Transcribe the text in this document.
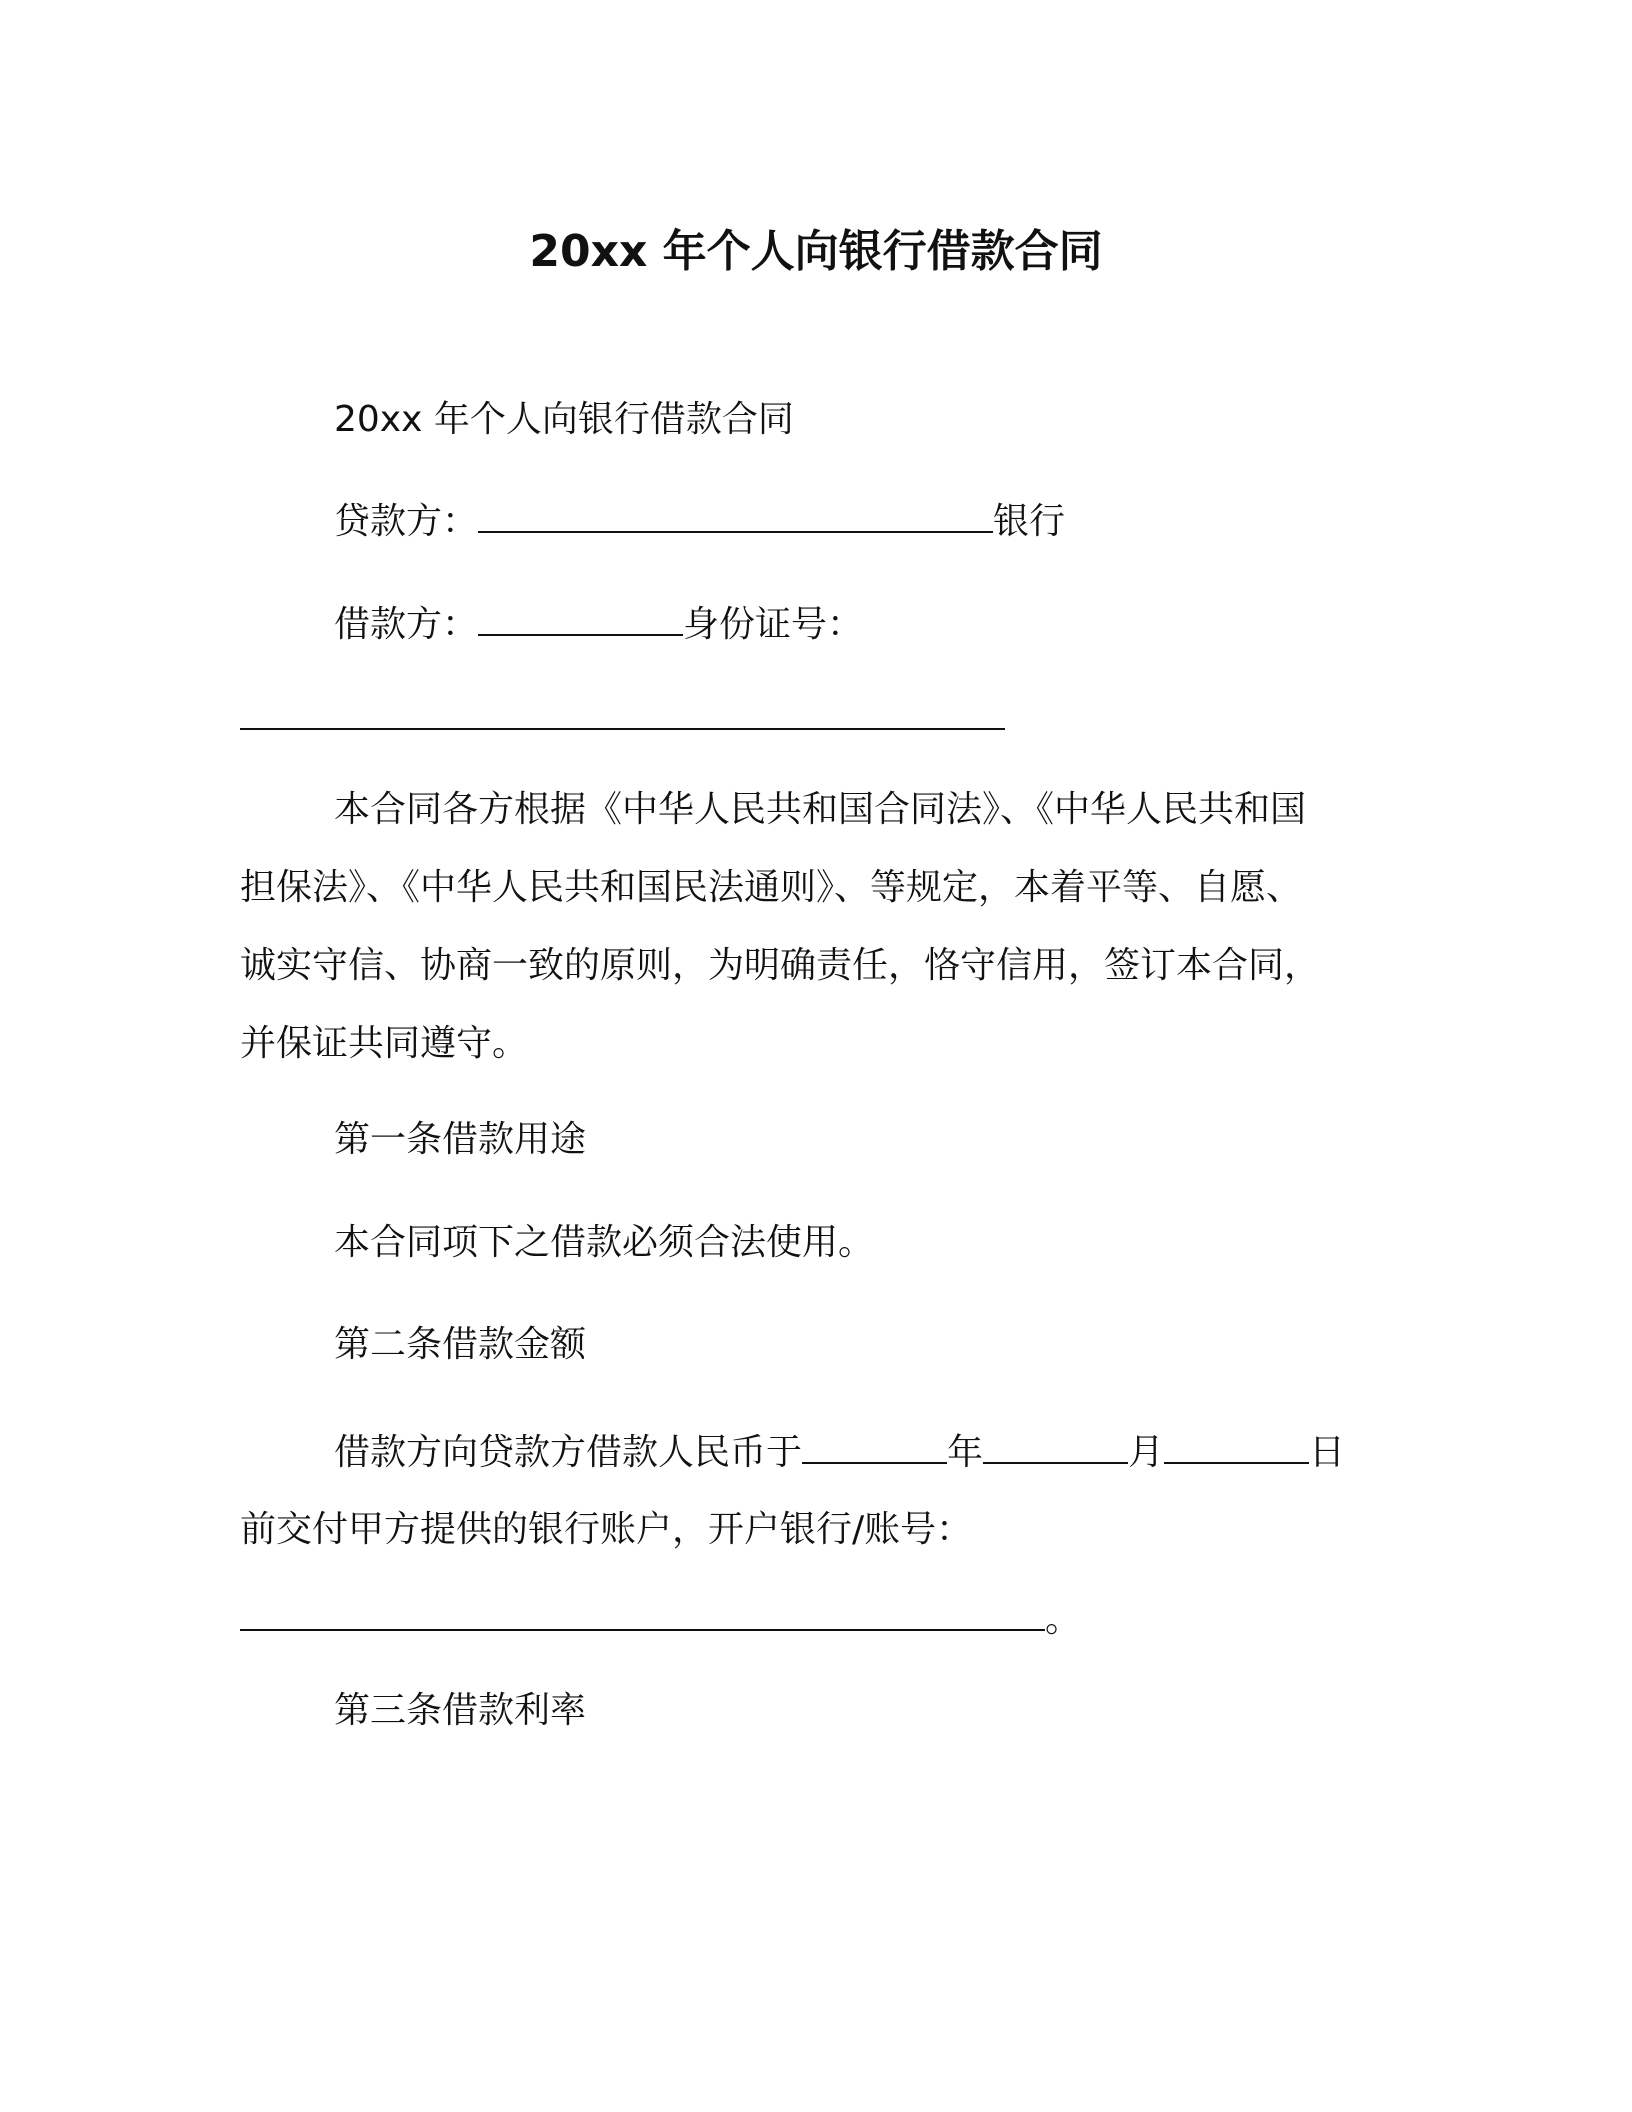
20xx 年个人向银行借款合同
20xx 年个人向银行借款合同
贷款方：	银行
借款方：	身份证号：
本合同各方根据《中华人民共和国合同法》、《中华人民共和国
担保法》、《中华人民共和国民法通则》、等规定，本着平等、自愿、
诚实守信、协商一致的原则，为明确责任，恪守信用，签订本合同，
并保证共同遵守。
第一条借款用途
本合同项下之借款必须合法使用。
第二条借款金额
借款方向贷款方借款人民币于	年	月	日
前交付甲方提供的银行账户，开户银行/账号：
。
第三条借款利率
